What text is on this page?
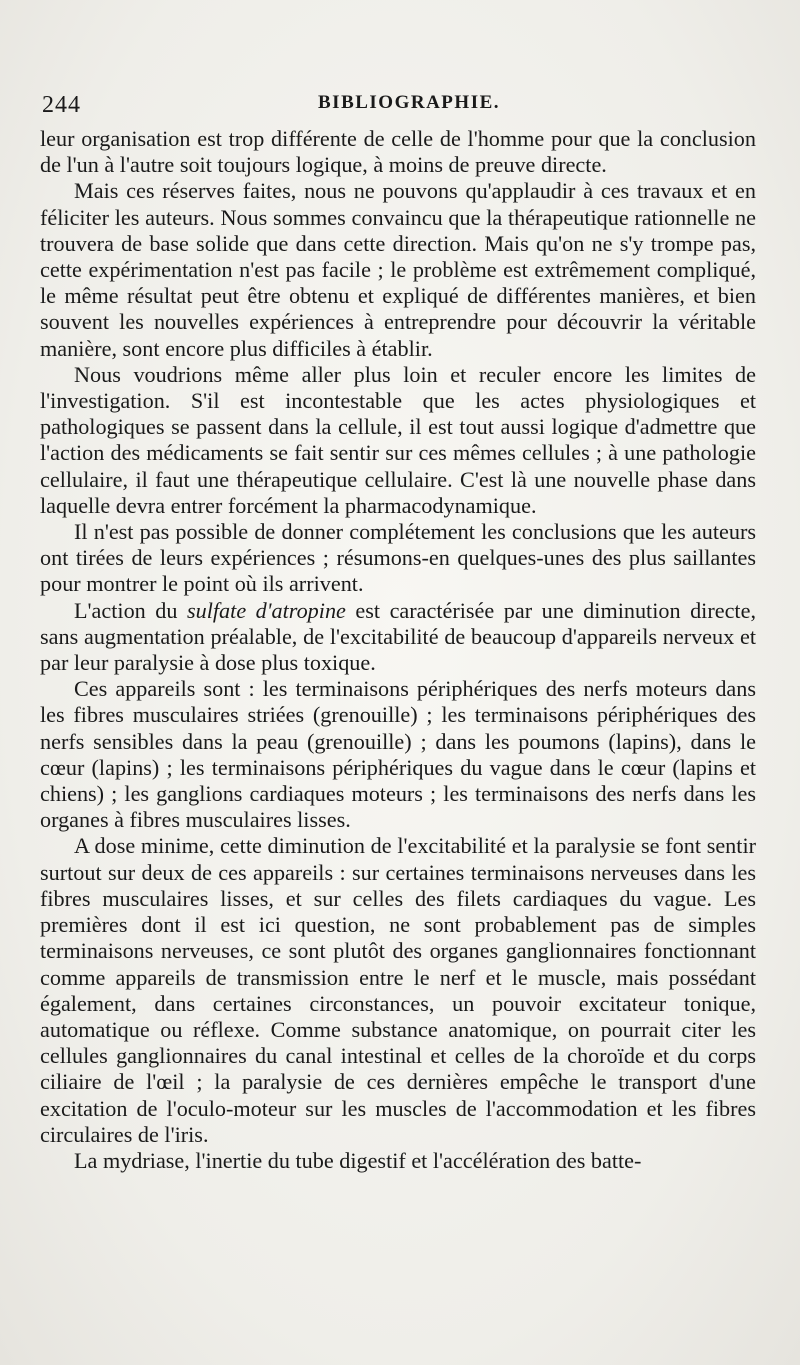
244	BIBLIOGRAPHIE.

leur organisation est trop différente de celle de l'homme pour que la conclusion de l'un à l'autre soit toujours logique, à moins de preuve directe.

Mais ces réserves faites, nous ne pouvons qu'applaudir à ces travaux et en féliciter les auteurs. Nous sommes convaincu que la thérapeutique rationnelle ne trouvera de base solide que dans cette direction. Mais qu'on ne s'y trompe pas, cette expérimentation n'est pas facile ; le problème est extrêmement compliqué, le même résultat peut être obtenu et expliqué de différentes manières, et bien souvent les nouvelles expériences à entreprendre pour découvrir la véritable manière, sont encore plus difficiles à établir.

Nous voudrions même aller plus loin et reculer encore les limites de l'investigation. S'il est incontestable que les actes physiologiques et pathologiques se passent dans la cellule, il est tout aussi logique d'admettre que l'action des médicaments se fait sentir sur ces mêmes cellules ; à une pathologie cellulaire, il faut une thérapeutique cellulaire. C'est là une nouvelle phase dans laquelle devra entrer forcément la pharmacodynamique.

Il n'est pas possible de donner complétement les conclusions que les auteurs ont tirées de leurs expériences ; résumons-en quelques-unes des plus saillantes pour montrer le point où ils arrivent.

L'action du sulfate d'atropine est caractérisée par une diminution directe, sans augmentation préalable, de l'excitabilité de beaucoup d'appareils nerveux et par leur paralysie à dose plus toxique.

Ces appareils sont : les terminaisons périphériques des nerfs moteurs dans les fibres musculaires striées (grenouille) ; les terminaisons périphériques des nerfs sensibles dans la peau (grenouille) ; dans les poumons (lapins), dans le cœur (lapins) ; les terminaisons périphériques du vague dans le cœur (lapins et chiens) ; les ganglions cardiaques moteurs ; les terminaisons des nerfs dans les organes à fibres musculaires lisses.

A dose minime, cette diminution de l'excitabilité et la paralysie se font sentir surtout sur deux de ces appareils : sur certaines terminaisons nerveuses dans les fibres musculaires lisses, et sur celles des filets cardiaques du vague. Les premières dont il est ici question, ne sont probablement pas de simples terminaisons nerveuses, ce sont plutôt des organes ganglionnaires fonctionnant comme appareils de transmission entre le nerf et le muscle, mais possédant également, dans certaines circonstances, un pouvoir excitateur tonique, automatique ou réflexe. Comme substance anatomique, on pourrait citer les cellules ganglionnaires du canal intestinal et celles de la choroïde et du corps ciliaire de l'œil ; la paralysie de ces dernières empêche le transport d'une excitation de l'oculo-moteur sur les muscles de l'accommodation et les fibres circulaires de l'iris.

La mydriase, l'inertie du tube digestif et l'accélération des batte-
